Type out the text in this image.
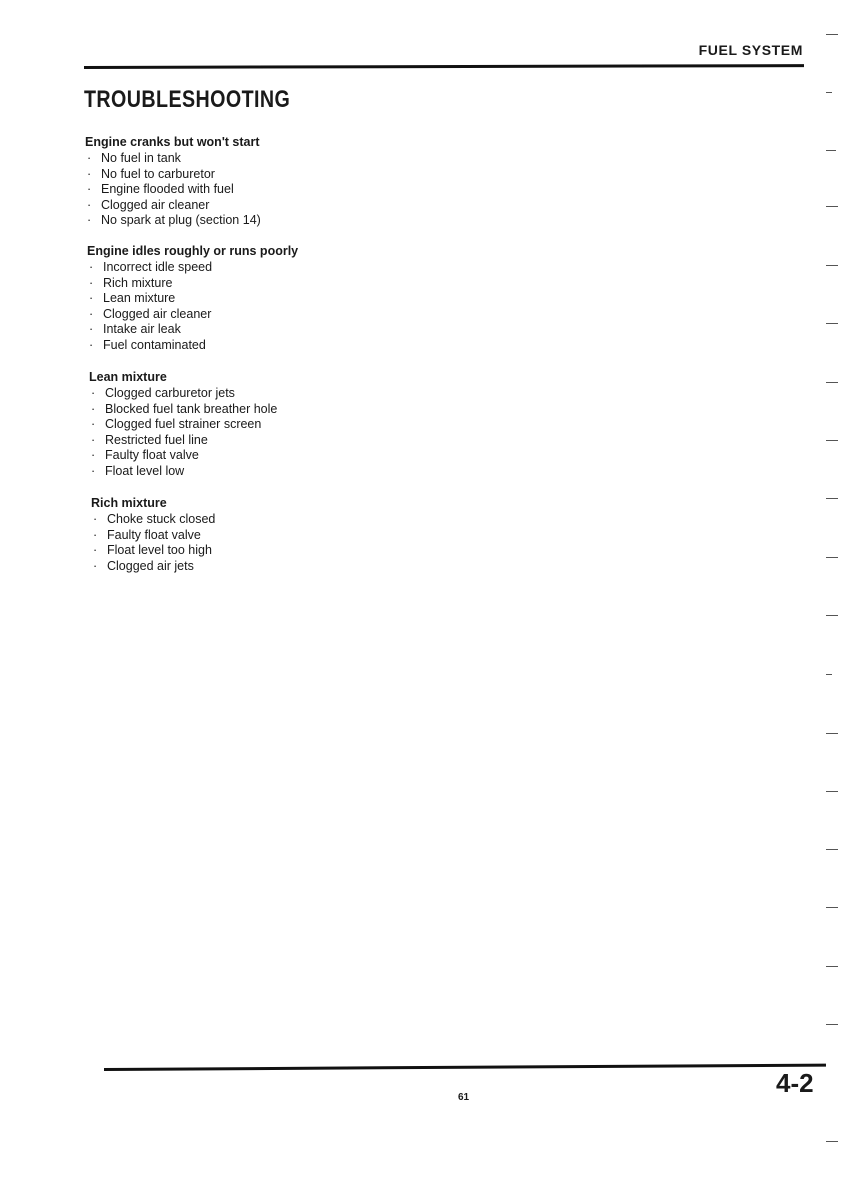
FUEL SYSTEM
TROUBLESHOOTING
Engine cranks but won't start
· No fuel in tank
· No fuel to carburetor
· Engine flooded with fuel
· Clogged air cleaner
· No spark at plug (section 14)
Engine idles roughly or runs poorly
· Incorrect idle speed
· Rich mixture
· Lean mixture
· Clogged air cleaner
· Intake air leak
· Fuel contaminated
Lean mixture
· Clogged carburetor jets
· Blocked fuel tank breather hole
· Clogged fuel strainer screen
· Restricted fuel line
· Faulty float valve
· Float level low
Rich mixture
· Choke stuck closed
· Faulty float valve
· Float level too high
· Clogged air jets
61	4-2
